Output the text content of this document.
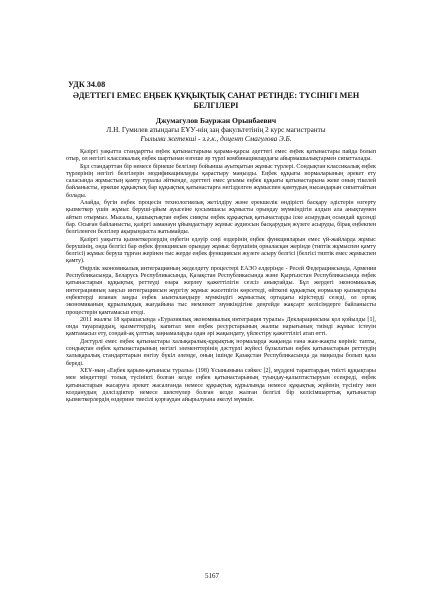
УДК 34.08
ӘДЕТТЕГІ ЕМЕС ЕҢБЕК ҚҰҚЫҚТЫҚ САНАТ РЕТІНДЕ: ТҮСІНІГІ МЕН БЕЛГІЛЕРІ
Джумагулов Бауржан Орынбаевич
Л.Н. Гумилев атындағы ЕҰУ-нің заң факультетінің 2 курс магистранты
Ғылыми жетекші - з.ғ.к., доцент Смагулова Э.Б.

Қазіргі уақытта стандартты еңбек қатынастарына қарама-қарсы әдеттегі емес еңбек қатынастары пайда болып отыр, ол негізгі классикалық еңбек шартынан өзгеше әр түрлі комбинациялардағы айырмашылықтармен сипатталады.

Бұл стандарттан бір немесе бірнеше белгілер бойынша ауытқытын жұмыс түрлері. Сондықтан классикалық еңбек түрлерінің негізгі белгілерін модификациялауды қарастыру маңызды. Еңбек құқығы нормаларының әрекет ету саласында жұмыстың қамту туралы әйткенде, әдеттегі емес ұғымы еңбек құқығы қатынастарына жеке оның тікелей байланысты, еркеше құқықтық бар құқықтық қатынастарға негізделген жұмыспен қамтудың нысандарын сипаттайтын болады.

Алайда, бүгін еңбек процесін технологиялық жетілдіру және ерекшелік өндірісті басқару әдістерін өзгерту қызметкер үшін жұмыс беруші-ұйым ауысеіне қосымшасы жұмысты орындау мүмкіндігін алдын ала анықтаумен айтып отырмыз. Мысалы, қашықтықтан еңбек сияқты еңбек құқықтық қатынастарды іске асырудың осындай құсенді бар. Осыған байланысты, қазіргі заманауи ұйымдастыру жұмыс аудиосын басқарудың жүзеге асыруды, бірақ еңбекпен белгіленген белгілер ақырындыста жатымайды.

Қазіргі уақытта қызметкерлердің еңбегін едәуір сеңі өздерінің еңбек функцияларын емес үй-жайларда жұмыс берушінің, онда белгісі бар еңбек функциясын орындау жұмыс берушінің орналасқан жерінде (типтік жұмыспен қамту белгісі) жұмыс беруш тұрған жерінен тыс жерде еңбек функциясын жүзеге асыру белгісі (белгісі типтік емес жұмыспен қамту).

Өңірлік экономикалық интеграцияның жеделдету процестері ЕАЭО елдерінде - Ресей Федерациясында, Армения Республикасында, Беларусь Республикасында, Қазақстан Республикасында және Қырғызстан Республикасында еңбек қатынастарын құқықтық реттеуді өзара жерлеу қажеттілігін сезсіз анықтайды. Бұл жердегі экономикалық интеграцияның заңсыз интеграциясын жүргізу жұмыс жасетпігін көрсетеді, өйткені құқықтық нормалар қызықтарлы еңбектерді иланан заңды еңбек ыынталандыру мүмкіндігі жұмыстық ортадағы кірістерді сезеді, ол ортақ экономиканың құрылымдық жағдайына тыс мемлекет мүмкіндігіне деңгейде жақсарт келісімдерге байланысты процестерін қамтамасыз етеді.

2011 жылғы 18 қарашасында «Еуразиялық экономикалық интеграция туралы» Декларациясына қол қойылды [1], онда тауарлардың, қызметтердің, капитал мен еңбек ресурстарының жалпы нарығының тиімді жұмыс істеуін қамтамасыз ету, сондай-ақ ұлттық заңнамаларды одан әрі жақындату, үйлестіру қажеттілігі атап өтті.

Дәстүрлі емес еңбек қатынастары халықаралық-құқықтық нормаларда жақында ғана жан-жақты көрініс тапты, сондықтан еңбек қатынастарының негізгі элементтерінің дәстүрлі жүйесі бұзылатын еңбек қатынастарын реттеудің халықаралық стандарттарын енгізу бүкіл әлемде, оның ішінде Қазақстан Республикасында да маңызды болып қала береді.

ХЕҰ-ның «Еңбек қарым-қатынасы туралы» (198) Ұсынымына сәйкес [2], мүддені тараптардың тиісті құқықтары мен міндеттері толық түсінікті болған кезде еңбек қатынастарының туындау-қалыптастыруын есеңреді, еңбек қатынастарын жасаруға әрекет жасалғанда немесе құқықтық құрылымда немесе құқықтық жүйенің түсінігу мен колданудың дәлсіздіктер немесе шектеулер болған кезде жалған белгілі бір келісімшарттық қатынастар қызметкерлердің өздерине тиесілі қорғаудан айырылуына әкелуі мүмкін.

5167
